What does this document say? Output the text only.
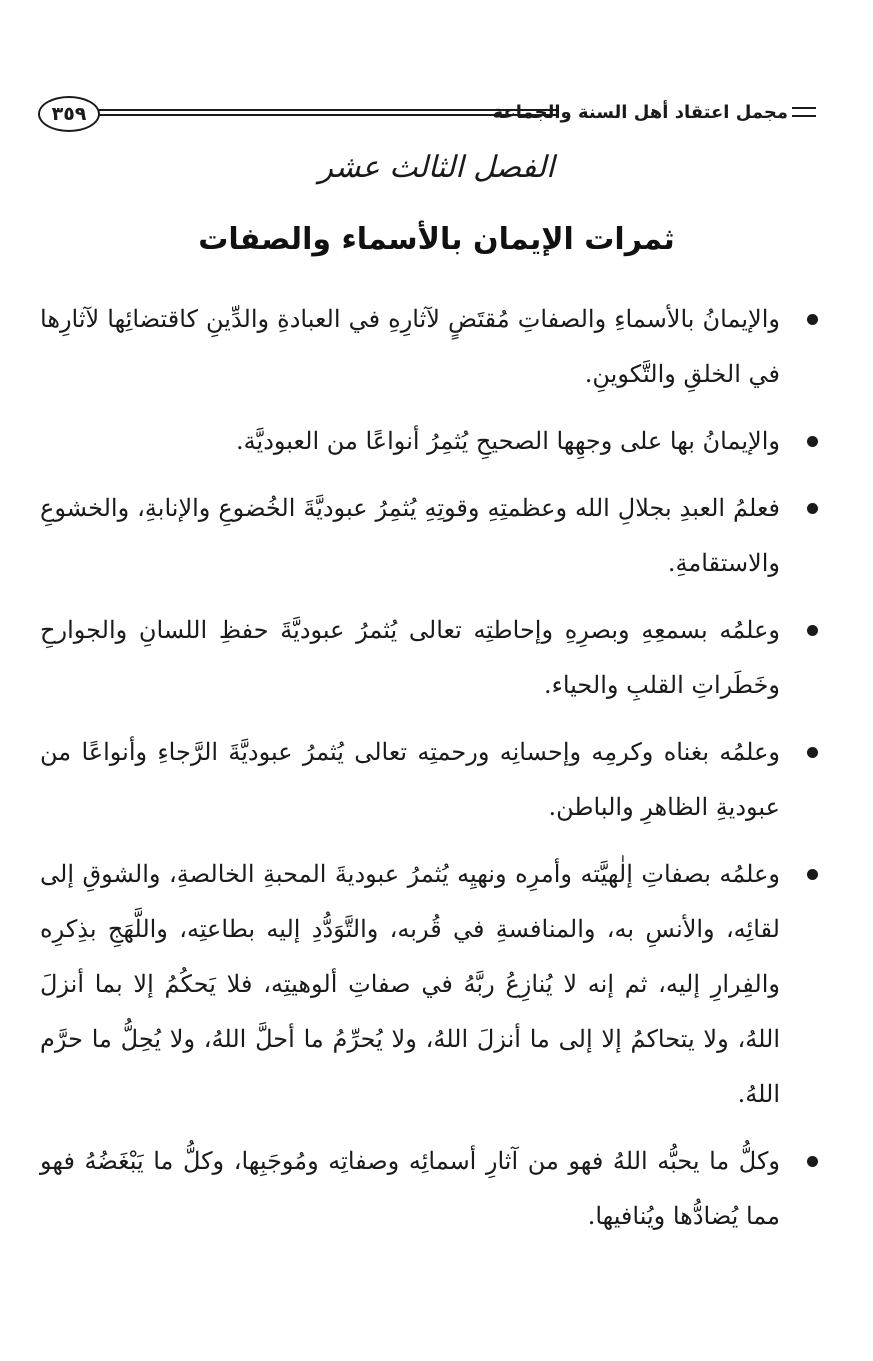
٣٥٩	مجمل اعتقاد أهل السنة والجماعة
الفصل الثالث عشر
ثمرات الإيمان بالأسماء والصفات
والإيمانُ بالأسماءِ والصفاتِ مُقتَضٍ لآثارِهِ في العبادةِ والدِّينِ كاقتضائِها لآثارِها في الخلقِ والتَّكوينِ.
والإيمانُ بها على وجهِها الصحيحِ يُثمِرُ أنواعًا من العبوديَّة.
فعلمُ العبدِ بجلالِ الله وعظمتِهِ وقوتِهِ يُثمِرُ عبوديَّةَ الخُضوعِ والإنابةِ، والخشوعِ والاستقامةِ.
وعلمُه بسمعِهِ وبصرِهِ وإحاطتِه تعالى يُثمرُ عبوديَّةَ حفظِ اللسانِ والجوارحِ وخَطَراتِ القلبِ والحياء.
وعلمُه بغناه وكرمِه وإحسانِه ورحمتِه تعالى يُثمرُ عبوديَّةَ الرَّجاءِ وأنواعًا من عبوديةِ الظاهرِ والباطن.
وعلمُه بصفاتِ إلٰهيَّته وأمرِه ونهيِه يُثمرُ عبوديةَ المحبةِ الخالصةِ، والشوقِ إلى لقائِه، والأنسِ به، والمنافسةِ في قُربه، والتَّوَدُّدِ إليه بطاعتِه، واللَّهَجِ بذِكرِه والفِرارِ إليه، ثم إنه لا يُنازِعُ ربَّهُ في صفاتِ ألوهيتِه، فلا يَحكُمُ إلا بما أنزلَ اللهُ، ولا يتحاكمُ إلا إلى ما أنزلَ اللهُ، ولا يُحرِّمُ ما أحلَّ اللهُ، ولا يُحِلُّ ما حرَّم اللهُ.
وكلُّ ما يحبُّه اللهُ فهو من آثارِ أسمائِه وصفاتِه ومُوجَبِها، وكلُّ ما يَبْغَضُهُ فهو مما يُضادُّها ويُنافيها.
